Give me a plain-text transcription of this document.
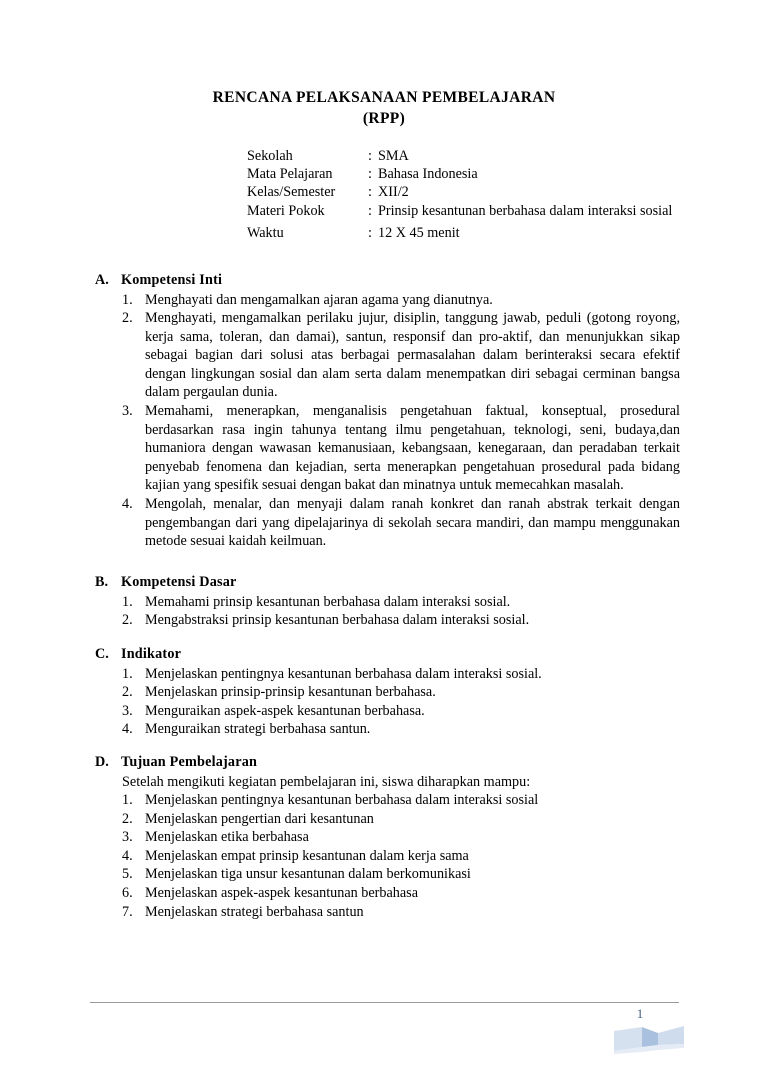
RENCANA PELAKSANAAN PEMBELAJARAN
(RPP)
Sekolah	: SMA
Mata Pelajaran	: Bahasa Indonesia
Kelas/Semester	: XII/2
Materi Pokok	: Prinsip kesantunan berbahasa dalam interaksi sosial
Waktu	: 12 X 45 menit
A. Kompetensi Inti
1. Menghayati dan mengamalkan ajaran agama yang dianutnya.
2. Menghayati, mengamalkan perilaku jujur, disiplin, tanggung jawab, peduli (gotong royong, kerja sama, toleran, dan damai), santun, responsif dan pro-aktif, dan menunjukkan sikap sebagai bagian dari solusi atas berbagai permasalahan dalam berinteraksi secara efektif dengan lingkungan sosial dan alam serta dalam menempatkan diri sebagai cerminan bangsa dalam pergaulan dunia.
3. Memahami, menerapkan, menganalisis pengetahuan faktual, konseptual, prosedural berdasarkan rasa ingin tahunya tentang ilmu pengetahuan, teknologi, seni, budaya,dan humaniora dengan wawasan kemanusiaan, kebangsaan, kenegaraan, dan peradaban terkait penyebab fenomena dan kejadian, serta menerapkan pengetahuan prosedural pada bidang kajian yang spesifik sesuai dengan bakat dan minatnya untuk memecahkan masalah.
4. Mengolah, menalar, dan menyaji dalam ranah konkret dan ranah abstrak terkait dengan pengembangan dari yang dipelajarinya di sekolah secara mandiri, dan mampu menggunakan metode sesuai kaidah keilmuan.
B. Kompetensi Dasar
1. Memahami prinsip kesantunan berbahasa dalam interaksi sosial.
2. Mengabstraksi prinsip kesantunan berbahasa dalam interaksi sosial.
C. Indikator
1. Menjelaskan pentingnya kesantunan berbahasa dalam interaksi sosial.
2. Menjelaskan prinsip-prinsip kesantunan berbahasa.
3. Menguraikan aspek-aspek kesantunan berbahasa.
4. Menguraikan strategi berbahasa santun.
D. Tujuan Pembelajaran
Setelah mengikuti kegiatan pembelajaran ini, siswa diharapkan mampu:
1. Menjelaskan pentingnya kesantunan berbahasa dalam interaksi sosial
2. Menjelaskan pengertian dari kesantunan
3. Menjelaskan etika berbahasa
4. Menjelaskan empat prinsip kesantunan dalam kerja sama
5. Menjelaskan tiga unsur kesantunan dalam berkomunikasi
6. Menjelaskan aspek-aspek kesantunan berbahasa
7. Menjelaskan strategi berbahasa santun
1
